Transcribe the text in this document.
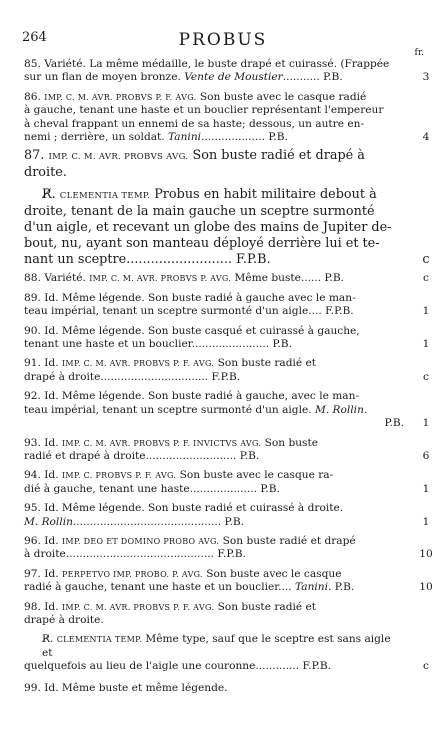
264	PROBUS
fr.
85. Variété. La même médaille, le buste drapé et cuirassé. (Frappée
sur un flan de moyen bronze. Vente de Moustier........... P.B.	3
86. IMP. C. M. AVR. PROBVS P. F. AVG. Son buste avec le casque radié
à gauche, tenant une haste et un bouclier représentant l'empereur
à cheval frappant un ennemi de sa haste; dessous, un autre en-
nemi ; derrière, un soldat. Tanini................... P.B.	4
87. IMP. C. M. AVR. PROBVS AVG. Son buste radié et drapé à
droite.
R̸. CLEMENTIA TEMP. Probus en habit militaire debout à
droite, tenant de la main gauche un sceptre surmonté
d'un aigle, et recevant un globe des mains de Jupiter de-
bout, nu, ayant son manteau déployé derrière lui et te-
nant un sceptre.......................... F.P.B.	c
88. Variété. IMP. C. M. AVR. PROBVS P. AVG. Même buste...... P.B.	c
89. Id. Même légende. Son buste radié à gauche avec le man-
teau impérial, tenant un sceptre surmonté d'un aigle.... F.P.B.	1
90. Id. Même légende. Son buste casqué et cuirassé à gauche,
tenant une haste et un bouclier....................... P.B.	1
91. Id. IMP. C. M. AVR. PROBVS P. F. AVG. Son buste radié et
drapé à droite................................ F.P.B.	c
92. Id. Même légende. Son buste radié à gauche, avec le man-
teau impérial, tenant un sceptre surmonté d'un aigle. M. Rollin.
P.B.	1
93. Id. IMP. C. M. AVR. PROBVS P. F. INVICTVS AVG. Son buste
radié et drapé à droite........................... P.B.	6
94. Id. IMP. C. PROBVS P. F. AVG. Son buste avec le casque ra-
dié à gauche, tenant une haste.................... P.B.	1
95. Id. Même légende. Son buste radié et cuirassé à droite.
M. Rollin............................................ P.B.	1
96. Id. IMP. DEO ET DOMINO PROBO AVG. Son buste radié et drapé
à droite............................................ F.P.B.	10
97. Id. PERPETVO IMP. PROBO. P. AVG. Son buste avec le casque
radié à gauche, tenant une haste et un bouclier.... Tanini. P.B.	10
98. Id. IMP. C. M. AVR. PROBVS P. F. AVG. Son buste radié et
drapé à droite.
R̸. CLEMENTIA TEMP. Même type, sauf que le sceptre est sans aigle et
quelquefois au lieu de l'aigle une couronne............. F.P.B.	c
99. Id. Même buste et même légende.
